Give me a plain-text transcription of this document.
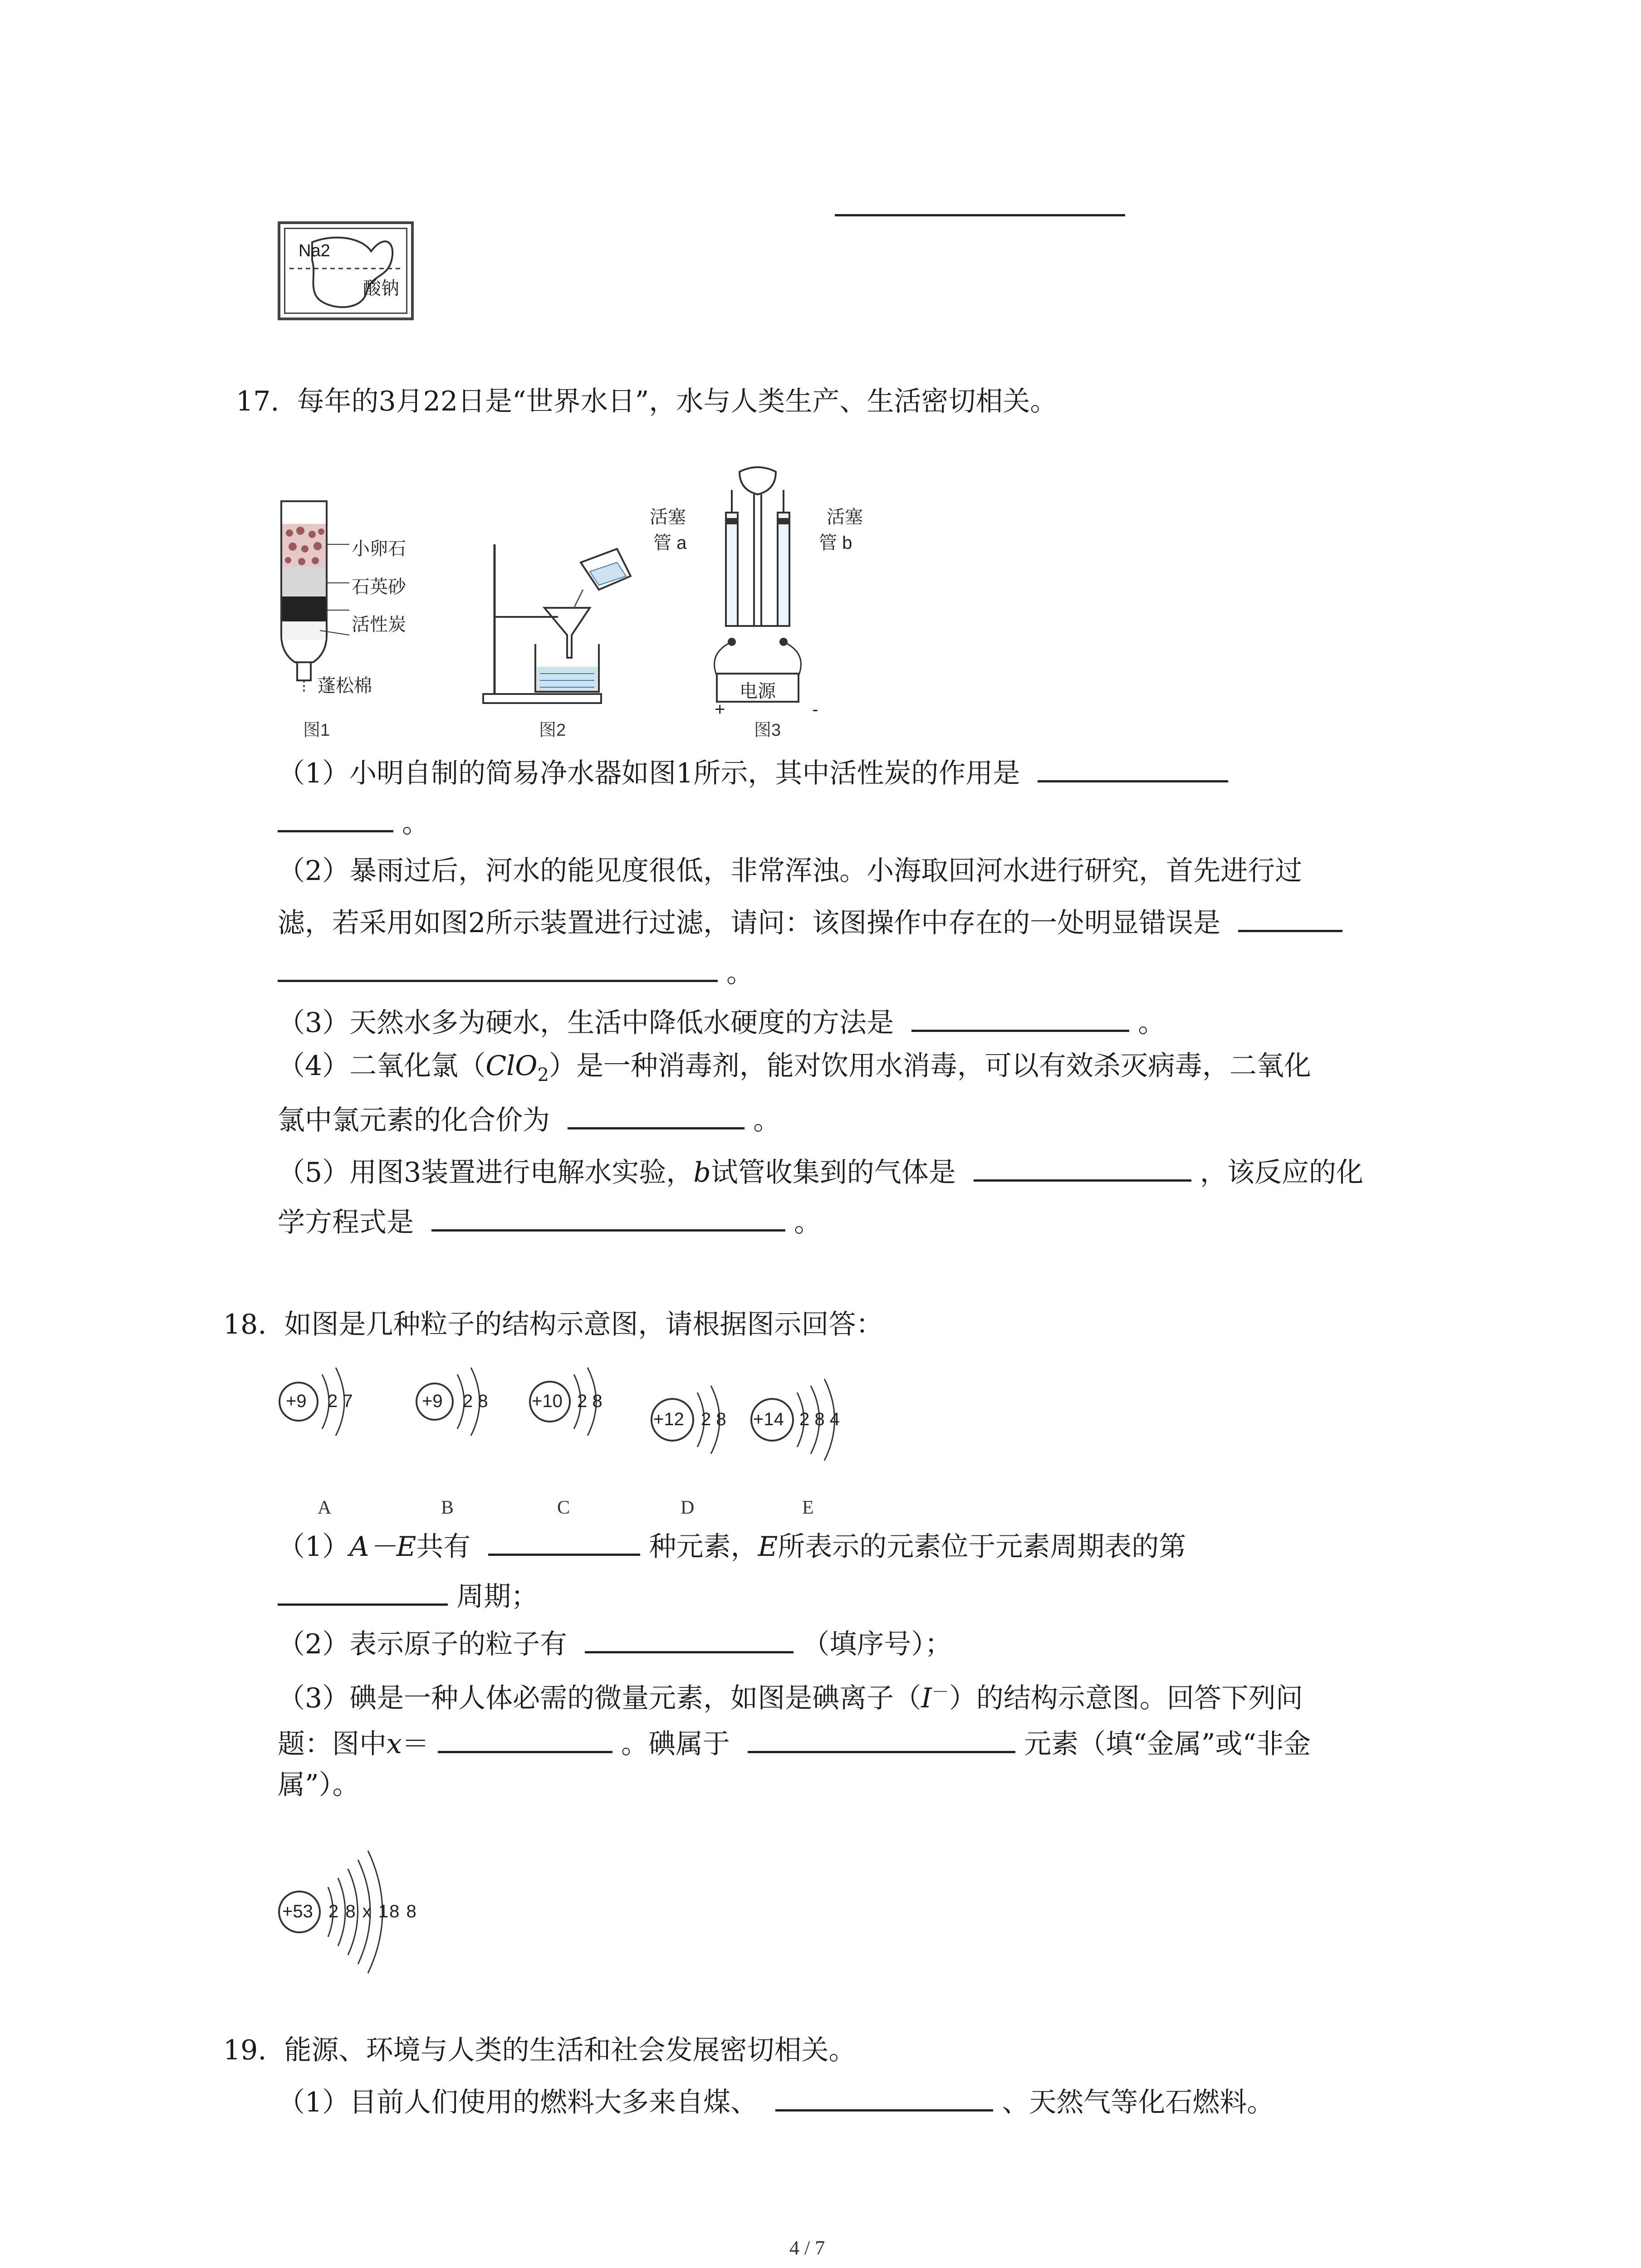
Na2
酸钠
17. 每年的3月22日是“世界水日”，水与人类生产、生活密切相关。
小卵石
石英砂
活性炭
蓬松棉
图1	图2
活塞
管 a
活塞
管 b
电源
+	-
图3
（1）小明自制的简易净水器如图1所示，其中活性炭的作用是
。
（2）暴雨过后，河水的能见度很低，非常浑浊。小海取回河水进行研究，首先进行过
滤，若采用如图2所示装置进行过滤，请问：该图操作中存在的一处明显错误是
。
（3）天然水多为硬水，生活中降低水硬度的方法是	。
（4）二氧化氯（ClO$_2$）是一种消毒剂，能对饮用水消毒，可以有效杀灭病毒，二氧化
氯中氯元素的化合价为	。
（5）用图3装置进行电解水实验，b试管收集到的气体是	，该反应的化
学方程式是	。
18. 如图是几种粒子的结构示意图，请根据图示回答：
+9 2 7	+9 2 8 +10 2 8
+12 2 8 +14 2 8 4
A	B	C	D	E
（1）A－E共有	种元素，E所表示的元素位于元素周期表的第
周期；
（2）表示原子的粒子有	（填序号）；
（3）碘是一种人体必需的微量元素，如图是碘离子（I－）的结构示意图。回答下列问
题：图中x＝	。碘属于	元素（填“金属”或“非金
属”）。
+53 2 8 x 18 8
19. 能源、环境与人类的生活和社会发展密切相关。
（1）目前人们使用的燃料大多来自煤、	、天然气等化石燃料。
4 / 7
